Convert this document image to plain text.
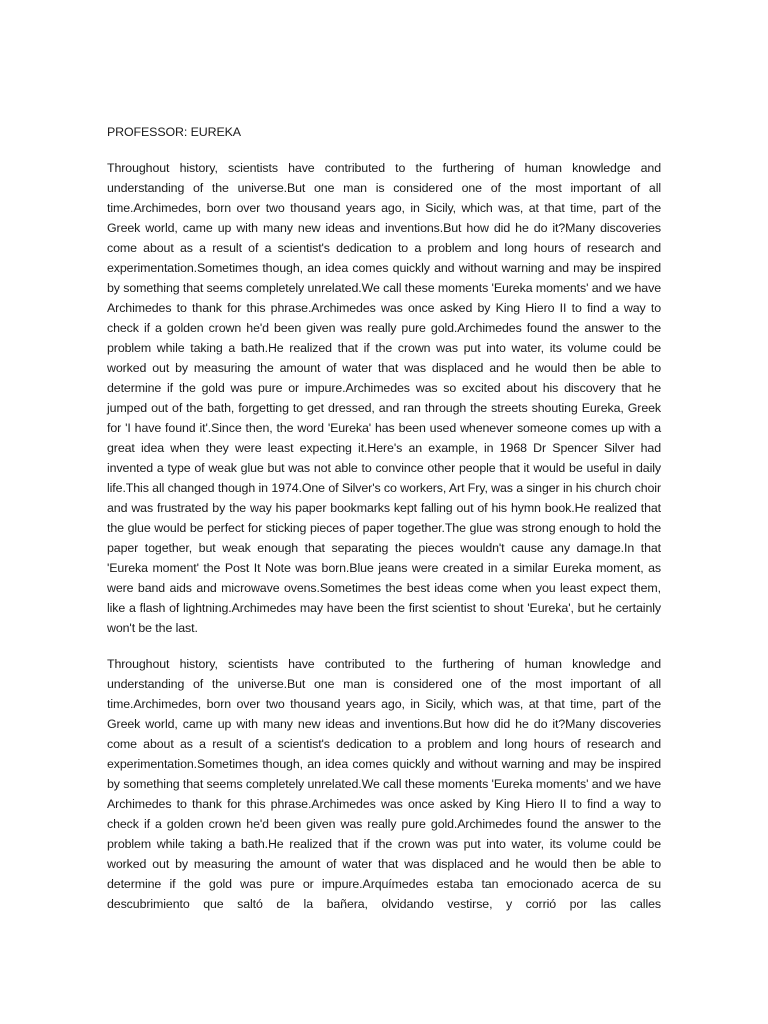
PROFESSOR: EUREKA

Throughout history, scientists have contributed to the furthering of human knowledge and understanding of the universe.But one man is considered one of the most important of all time.Archimedes, born over two thousand years ago, in Sicily, which was, at that time, part of the Greek world, came up with many new ideas and inventions.But how did he do it?Many discoveries come about as a result of a scientist's dedication to a problem and long hours of research and experimentation.Sometimes though, an idea comes quickly and without warning and may be inspired by something that seems completely unrelated.We call these moments 'Eureka moments' and we have Archimedes to thank for this phrase.Archimedes was once asked by King Hiero II to find a way to check if a golden crown he'd been given was really pure gold.Archimedes found the answer to the problem while taking a bath.He realized that if the crown was put into water, its volume could be worked out by measuring the amount of water that was displaced and he would then be able to determine if the gold was pure or impure.Archimedes was so excited about his discovery that he jumped out of the bath, forgetting to get dressed, and ran through the streets shouting Eureka, Greek for 'I have found it'.Since then, the word 'Eureka' has been used whenever someone comes up with a great idea when they were least expecting it.Here's an example, in 1968 Dr Spencer Silver had invented a type of weak glue but was not able to convince other people that it would be useful in daily life.This all changed though in 1974.One of Silver's co workers, Art Fry, was a singer in his church choir and was frustrated by the way his paper bookmarks kept falling out of his hymn book.He realized that the glue would be perfect for sticking pieces of paper together.The glue was strong enough to hold the paper together, but weak enough that separating the pieces wouldn't cause any damage.In that 'Eureka moment' the Post It Note was born.Blue jeans were created in a similar Eureka moment, as were band aids and microwave ovens.Sometimes the best ideas come when you least expect them, like a flash of lightning.Archimedes may have been the first scientist to shout 'Eureka', but he certainly won't be the last.

Throughout history, scientists have contributed to the furthering of human knowledge and understanding of the universe.But one man is considered one of the most important of all time.Archimedes, born over two thousand years ago, in Sicily, which was, at that time, part of the Greek world, came up with many new ideas and inventions.But how did he do it?Many discoveries come about as a result of a scientist's dedication to a problem and long hours of research and experimentation.Sometimes though, an idea comes quickly and without warning and may be inspired by something that seems completely unrelated.We call these moments 'Eureka moments' and we have Archimedes to thank for this phrase.Archimedes was once asked by King Hiero II to find a way to check if a golden crown he'd been given was really pure gold.Archimedes found the answer to the problem while taking a bath.He realized that if the crown was put into water, its volume could be worked out by measuring the amount of water that was displaced and he would then be able to determine if the gold was pure or impure.Arquímedes estaba tan emocionado acerca de su descubrimiento que saltó de la bañera, olvidando vestirse, y corrió por las calles
